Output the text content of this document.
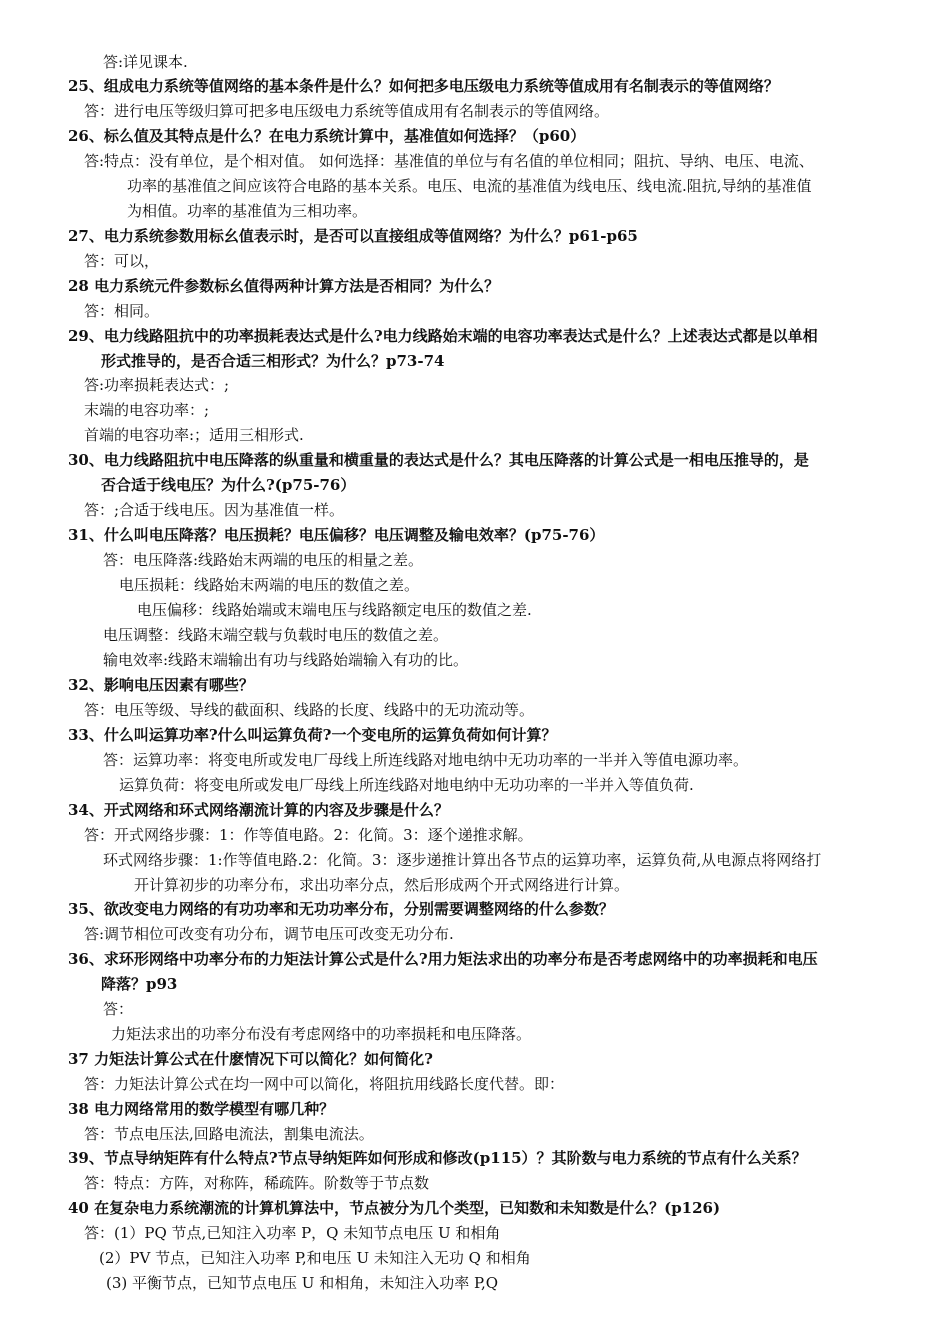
答:详见课本.
25、组成电力系统等值网络的基本条件是什么？如何把多电压级电力系统等值成用有名制表示的等值网络？
答：进行电压等级归算可把多电压级电力系统等值成用有名制表示的等值网络。
26、标么值及其特点是什么？在电力系统计算中，基准值如何选择？（p60）
答:特点：没有单位，是个相对值。 如何选择：基准值的单位与有名值的单位相同；阻抗、导纳、电压、电流、
功率的基准值之间应该符合电路的基本关系。电压、电流的基准值为线电压、线电流.阻抗,导纳的基准值
为相值。功率的基准值为三相功率。
27、电力系统参数用标幺值表示时，是否可以直接组成等值网络？为什么？p61-p65
答：可以，
28 电力系统元件参数标幺值得两种计算方法是否相同？为什么？
答：相同。
29、电力线路阻抗中的功率损耗表达式是什么?电力线路始末端的电容功率表达式是什么？上述表达式都是以单相
形式推导的，是否合适三相形式？为什么？p73-74
答:功率损耗表达式：;
末端的电容功率：;
首端的电容功率:；适用三相形式.
30、电力线路阻抗中电压降落的纵重量和横重量的表达式是什么？其电压降落的计算公式是一相电压推导的，是
否合适于线电压？为什么?(p75-76）
答：;合适于线电压。因为基准值一样。
31、什么叫电压降落？电压损耗？电压偏移？电压调整及输电效率？(p75-76）
答：电压降落:线路始末两端的电压的相量之差。
电压损耗：线路始末两端的电压的数值之差。
电压偏移：线路始端或末端电压与线路额定电压的数值之差.
电压调整：线路末端空载与负载时电压的数值之差。
输电效率:线路末端输出有功与线路始端输入有功的比。
32、影响电压因素有哪些？
答：电压等级、导线的截面积、线路的长度、线路中的无功流动等。
33、什么叫运算功率?什么叫运算负荷?一个变电所的运算负荷如何计算？
答：运算功率：将变电所或发电厂母线上所连线路对地电纳中无功功率的一半并入等值电源功率。
运算负荷：将变电所或发电厂母线上所连线路对地电纳中无功功率的一半并入等值负荷.
34、开式网络和环式网络潮流计算的内容及步骤是什么？
答：开式网络步骤：1：作等值电路。2：化简。3：逐个递推求解。
环式网络步骤：1:作等值电路.2：化简。3：逐步递推计算出各节点的运算功率，运算负荷,从电源点将网络打
开计算初步的功率分布，求出功率分点，然后形成两个开式网络进行计算。
35、欲改变电力网络的有功功率和无功功率分布，分别需要调整网络的什么参数？
答:调节相位可改变有功分布，调节电压可改变无功分布.
36、求环形网络中功率分布的力矩法计算公式是什么?用力矩法求出的功率分布是否考虑网络中的功率损耗和电压
降落？p93
答：
力矩法求出的功率分布没有考虑网络中的功率损耗和电压降落。
37 力矩法计算公式在什麽情况下可以简化？如何简化?
答：力矩法计算公式在均一网中可以简化，将阻抗用线路长度代替。即：
38 电力网络常用的数学模型有哪几种？
答：节点电压法,回路电流法，割集电流法。
39、节点导纳矩阵有什么特点?节点导纳矩阵如何形成和修改(p115）？其阶数与电力系统的节点有什么关系？
答：特点：方阵，对称阵，稀疏阵。阶数等于节点数
40 在复杂电力系统潮流的计算机算法中，节点被分为几个类型，已知数和未知数是什么？(p126)
答：(1）PQ 节点,已知注入功率 P，Q 未知节点电压 U 和相角
(2）PV 节点，已知注入功率 P,和电压 U 未知注入无功 Q 和相角
(3) 平衡节点，已知节点电压 U 和相角，未知注入功率 P,Q
